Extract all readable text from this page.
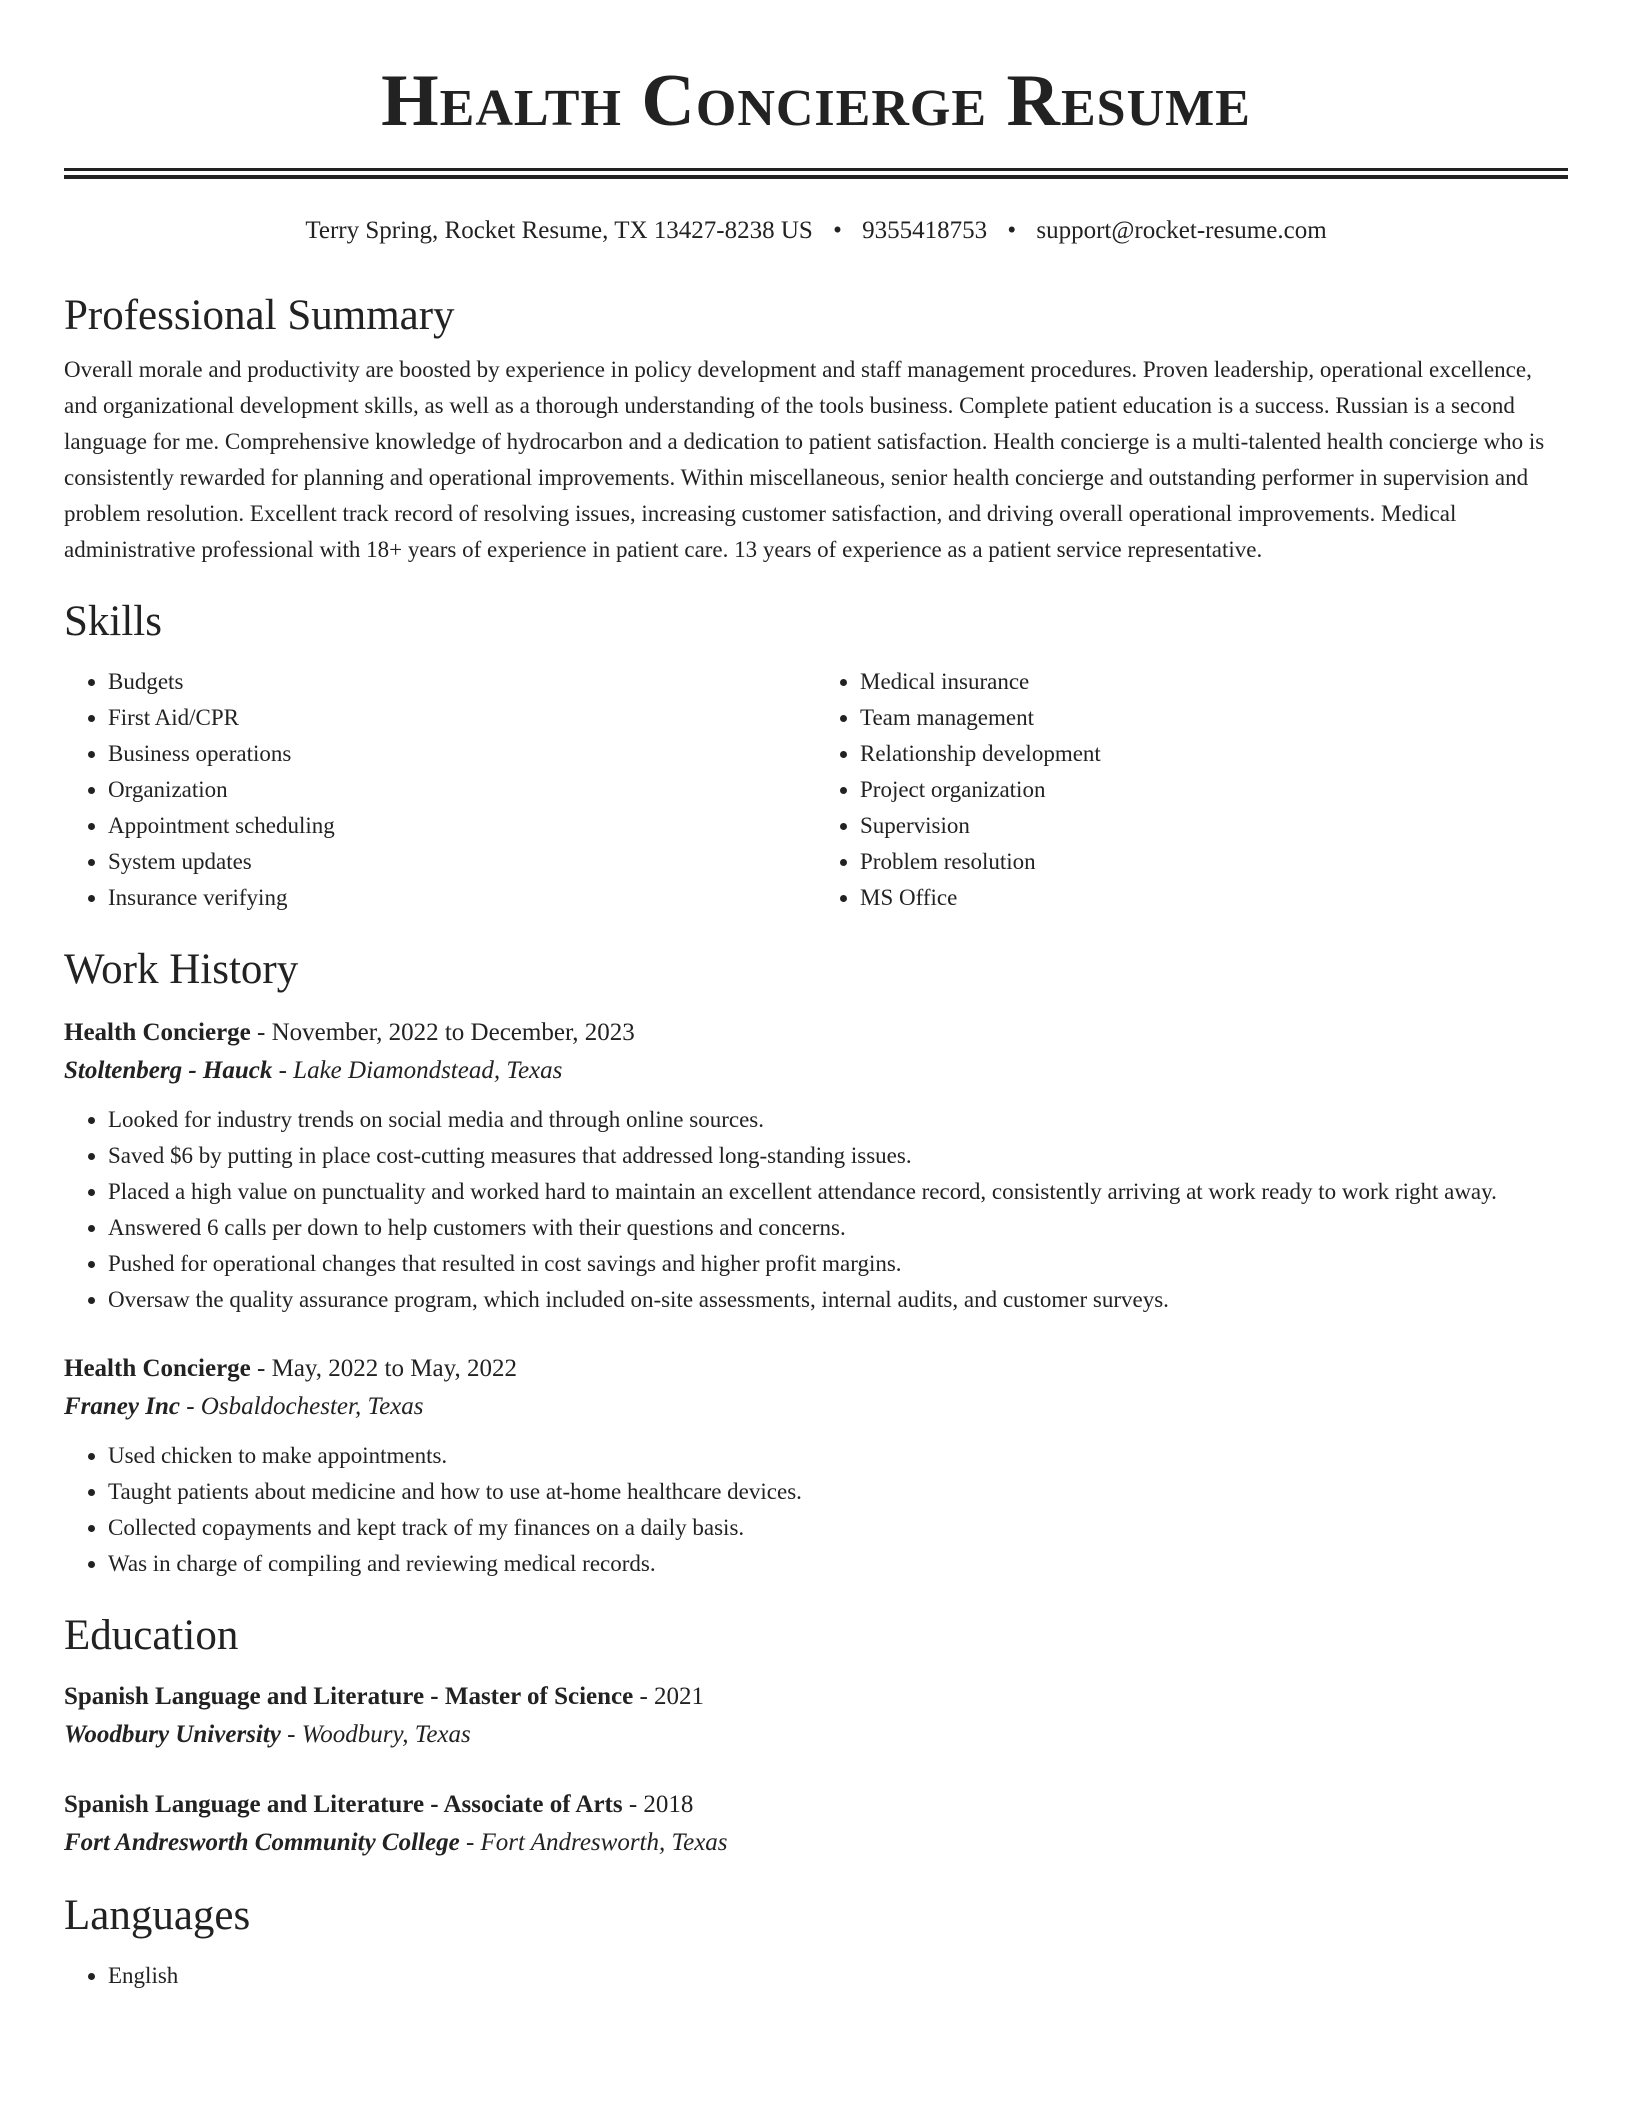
Health Concierge Resume
Terry Spring, Rocket Resume, TX 13427-8238 US • 9355418753 • support@rocket-resume.com
Professional Summary

Overall morale and productivity are boosted by experience in policy development and staff management procedures. Proven leadership, operational excellence, and organizational development skills, as well as a thorough understanding of the tools business. Complete patient education is a success. Russian is a second language for me. Comprehensive knowledge of hydrocarbon and a dedication to patient satisfaction. Health concierge is a multi-talented health concierge who is consistently rewarded for planning and operational improvements. Within miscellaneous, senior health concierge and outstanding performer in supervision and problem resolution. Excellent track record of resolving issues, increasing customer satisfaction, and driving overall operational improvements. Medical administrative professional with 18+ years of experience in patient care. 13 years of experience as a patient service representative.

Skills
• Budgets
• First Aid/CPR
• Business operations
• Organization
• Appointment scheduling
• System updates
• Insurance verifying
• Medical insurance
• Team management
• Relationship development
• Project organization
• Supervision
• Problem resolution
• MS Office
Work History
Health Concierge - November, 2022 to December, 2023
Stoltenberg - Hauck - Lake Diamondstead, Texas
• Looked for industry trends on social media and through online sources.
• Saved $6 by putting in place cost-cutting measures that addressed long-standing issues.
• Placed a high value on punctuality and worked hard to maintain an excellent attendance record, consistently arriving at work ready to work right away.
• Answered 6 calls per down to help customers with their questions and concerns.
• Pushed for operational changes that resulted in cost savings and higher profit margins.
• Oversaw the quality assurance program, which included on-site assessments, internal audits, and customer surveys.
Health Concierge - May, 2022 to May, 2022
Franey Inc - Osbaldochester, Texas
• Used chicken to make appointments.
• Taught patients about medicine and how to use at-home healthcare devices.
• Collected copayments and kept track of my finances on a daily basis.
• Was in charge of compiling and reviewing medical records.
Education
Spanish Language and Literature - Master of Science - 2021
Woodbury University - Woodbury, Texas
Spanish Language and Literature - Associate of Arts - 2018
Fort Andresworth Community College - Fort Andresworth, Texas
Languages
• English
